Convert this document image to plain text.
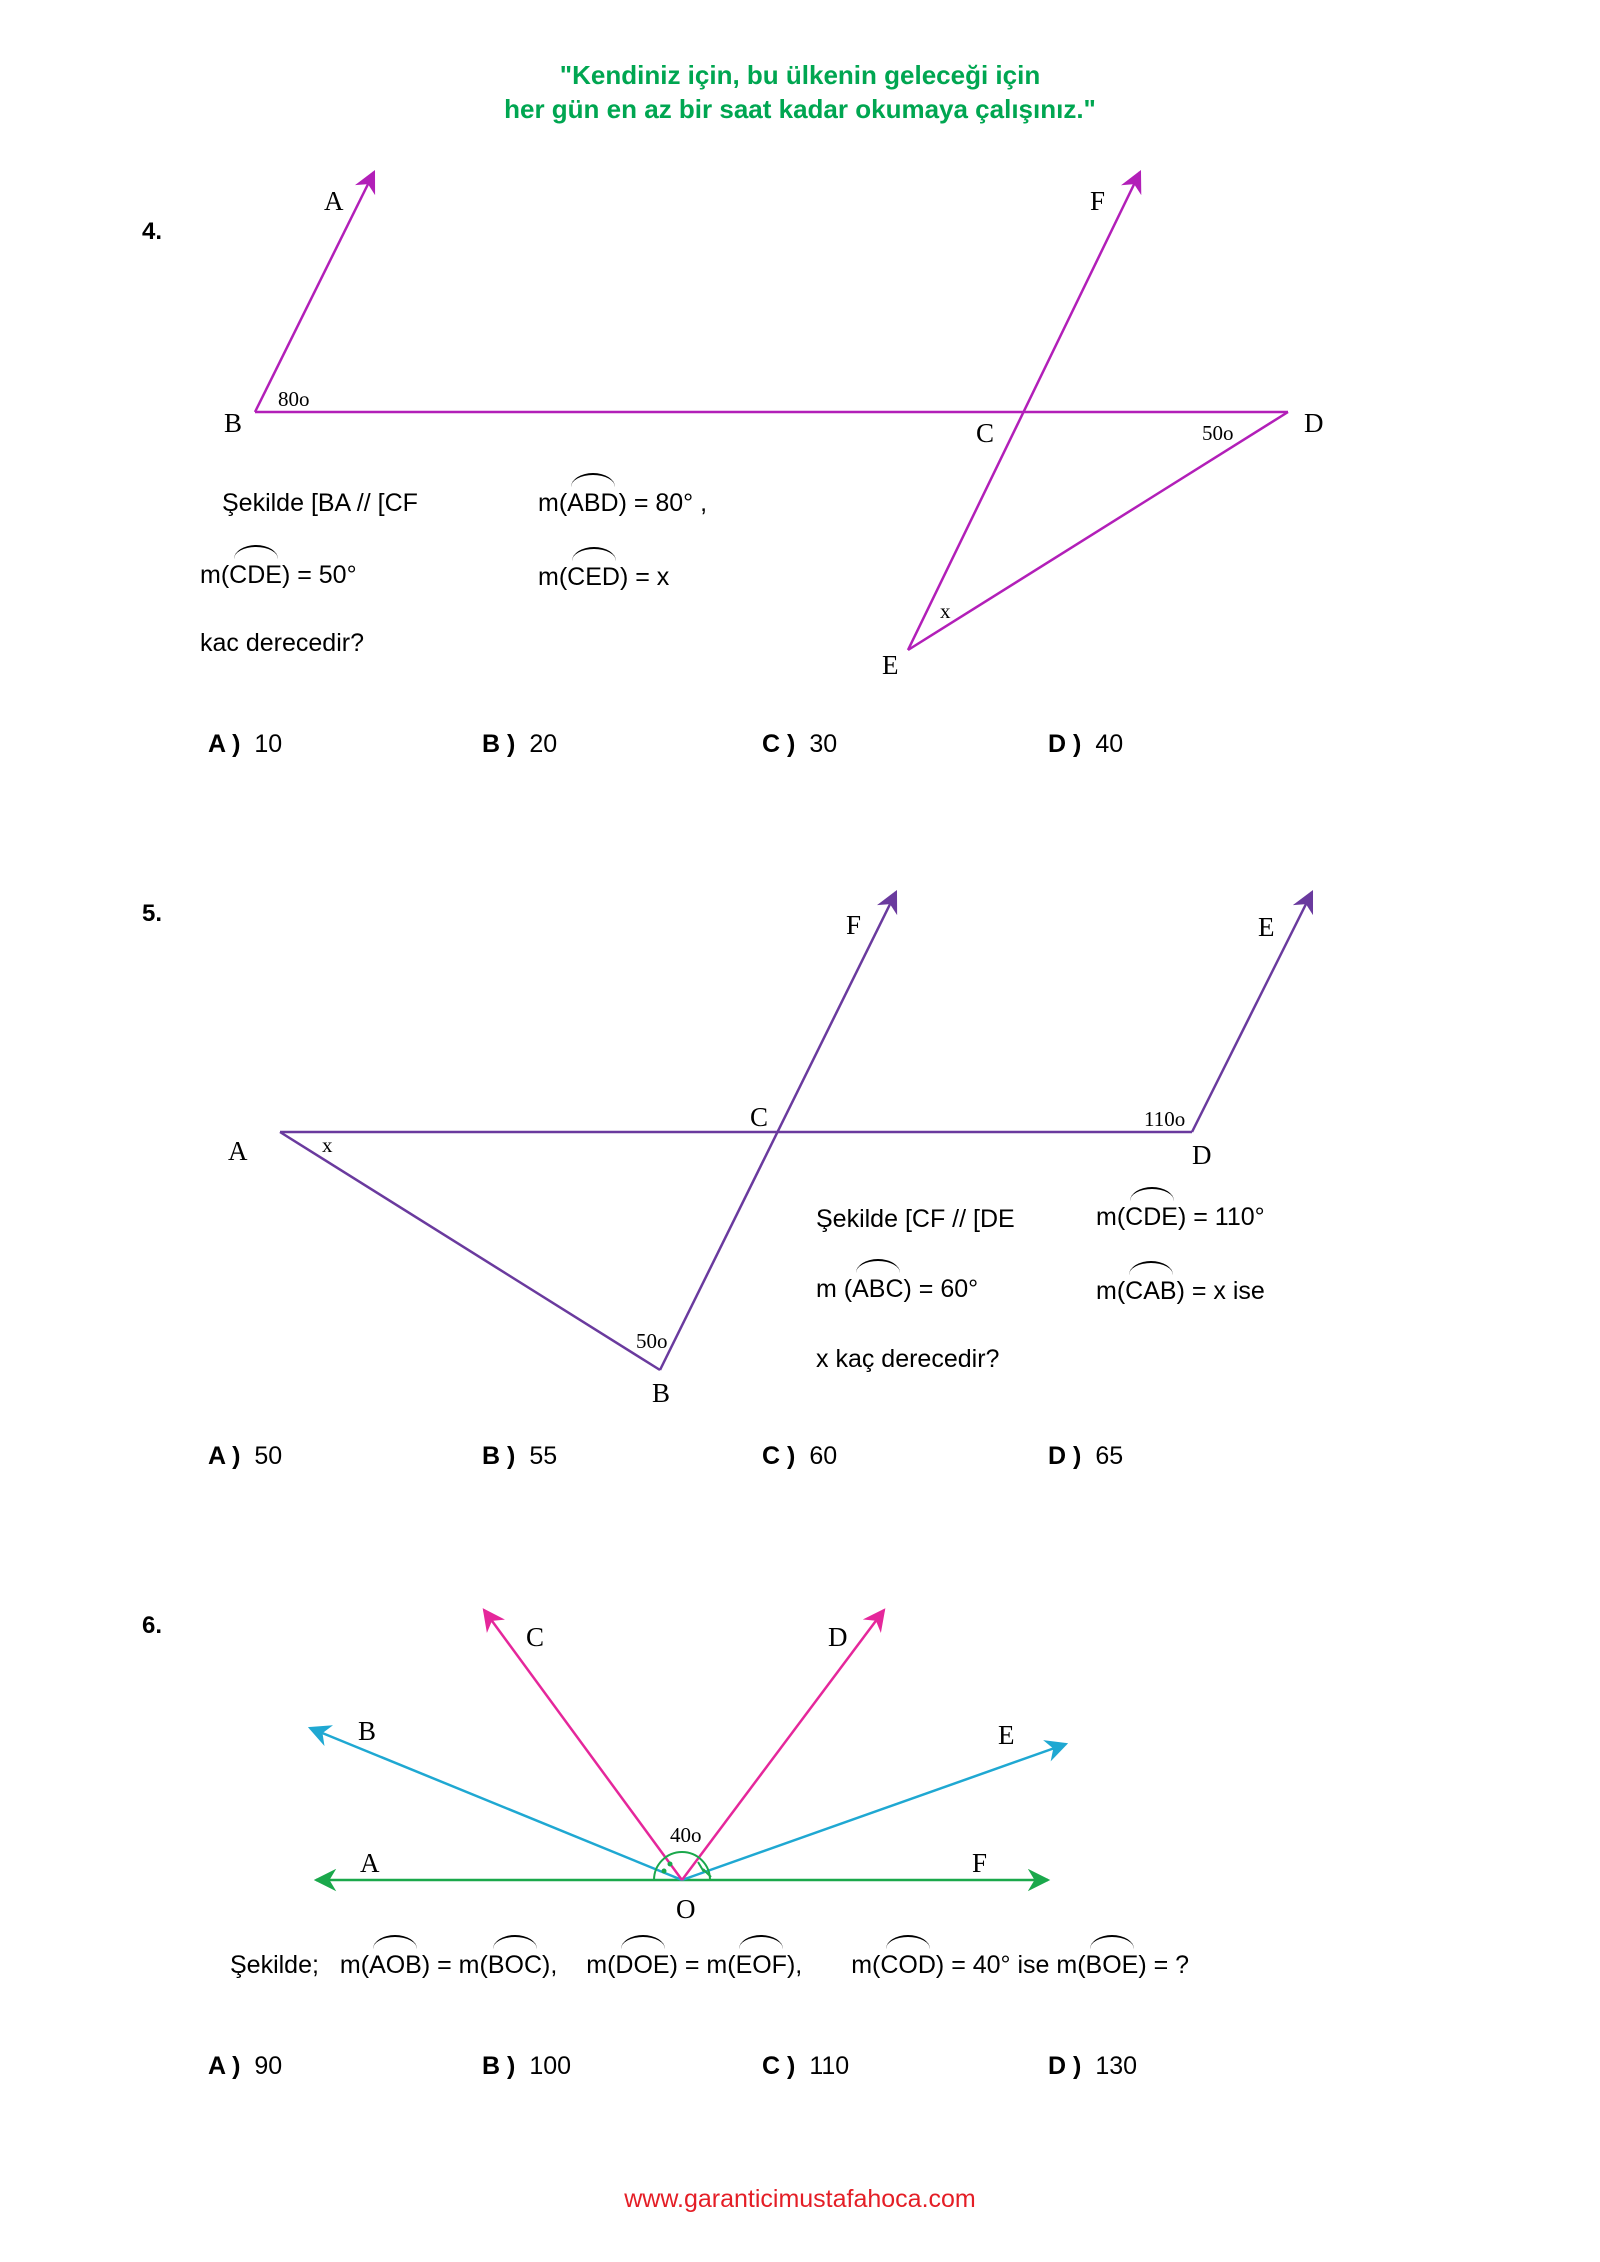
"Kendiniz için, bu ülkenin geleceği için
her gün en az bir saat kadar okumaya çalışınız."
4.
A
B	C	D
E
F
80o
50o
x
A
B
C
D
E
F
x
50o
110o
A
B
C	D
E
F
O
40o
Şekilde [BA // [CF	m(ABD) = 80° ,
m(CDE) = 50°	m(CED) = x
kac derecedir?
A ) 10	B ) 20	C ) 30	D ) 40
5.
Şekilde [CF // [DE	m(CDE) = 110°
m (ABC) = 60°	m(CAB) = x ise
x kaç derecedir?
A ) 50	B ) 55	C ) 60	D ) 65
6.
Şekilde; m(AOB) = m(BOC), m(DOE) = m(EOF), m(COD) = 40° ise m(BOE) = ?
A ) 90	B ) 100	C ) 110	D ) 130
www.garanticimustafahoca.com
